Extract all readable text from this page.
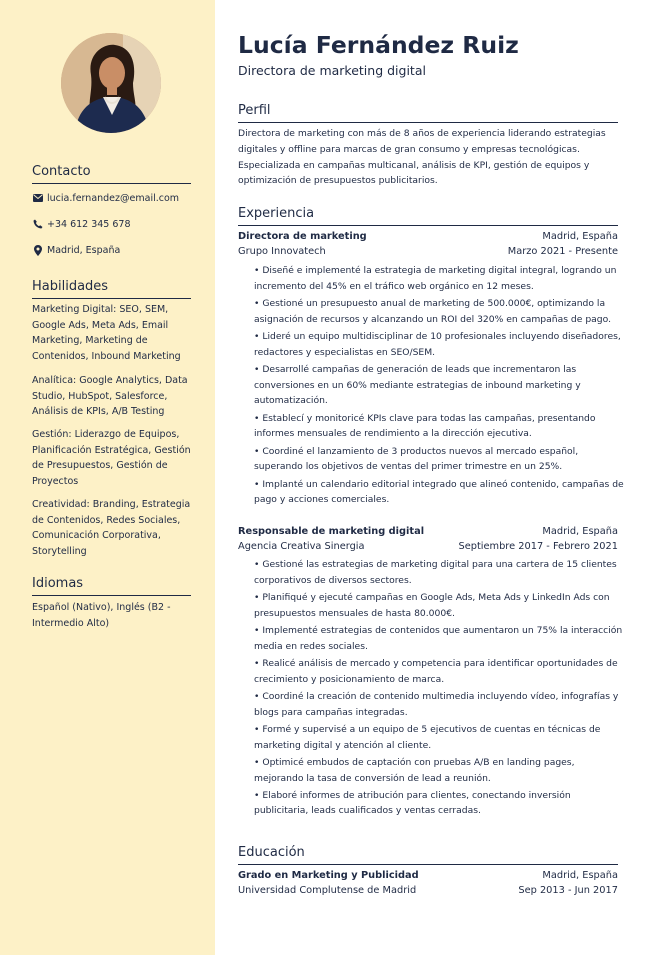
Contacto
lucia.fernandez@email.com
+34 612 345 678
Madrid, España
Habilidades
Marketing Digital: SEO, SEM, Google Ads, Meta Ads, Email Marketing, Marketing de Contenidos, Inbound Marketing
Analítica: Google Analytics, Data Studio, HubSpot, Salesforce, Análisis de KPIs, A/B Testing
Gestión: Liderazgo de Equipos, Planificación Estratégica, Gestión de Presupuestos, Gestión de Proyectos
Creatividad: Branding, Estrategia de Contenidos, Redes Sociales, Comunicación Corporativa, Storytelling
Idiomas
Español (Nativo), Inglés (B2 - Intermedio Alto)
Lucía Fernández Ruiz
Directora de marketing digital
Perfil
Directora de marketing con más de 8 años de experiencia liderando estrategias digitales y offline para marcas de gran consumo y empresas tecnológicas. Especializada en campañas multicanal, análisis de KPI, gestión de equipos y optimización de presupuestos publicitarios.
Experiencia
Directora de marketing	Madrid, España
Grupo Innovatech	Marzo 2021 - Presente
• Diseñé e implementé la estrategia de marketing digital integral, logrando un incremento del 45% en el tráfico web orgánico en 12 meses.
• Gestioné un presupuesto anual de marketing de 500.000€, optimizando la asignación de recursos y alcanzando un ROI del 320% en campañas de pago.
• Lideré un equipo multidisciplinar de 10 profesionales incluyendo diseñadores, redactores y especialistas en SEO/SEM.
• Desarrollé campañas de generación de leads que incrementaron las conversiones en un 60% mediante estrategias de inbound marketing y automatización.
• Establecí y monitoricé KPIs clave para todas las campañas, presentando informes mensuales de rendimiento a la dirección ejecutiva.
• Coordiné el lanzamiento de 3 productos nuevos al mercado español, superando los objetivos de ventas del primer trimestre en un 25%.
• Implanté un calendario editorial integrado que alineó contenido, campañas de pago y acciones comerciales.
Responsable de marketing digital	Madrid, España
Agencia Creativa Sinergia	Septiembre 2017 - Febrero 2021
• Gestioné las estrategias de marketing digital para una cartera de 15 clientes corporativos de diversos sectores.
• Planifiqué y ejecuté campañas en Google Ads, Meta Ads y LinkedIn Ads con presupuestos mensuales de hasta 80.000€.
• Implementé estrategias de contenidos que aumentaron un 75% la interacción media en redes sociales.
• Realicé análisis de mercado y competencia para identificar oportunidades de crecimiento y posicionamiento de marca.
• Coordiné la creación de contenido multimedia incluyendo vídeo, infografías y blogs para campañas integradas.
• Formé y supervisé a un equipo de 5 ejecutivos de cuentas en técnicas de marketing digital y atención al cliente.
• Optimicé embudos de captación con pruebas A/B en landing pages, mejorando la tasa de conversión de lead a reunión.
• Elaboré informes de atribución para clientes, conectando inversión publicitaria, leads cualificados y ventas cerradas.
Educación
Grado en Marketing y Publicidad	Madrid, España
Universidad Complutense de Madrid	Sep 2013 - Jun 2017
